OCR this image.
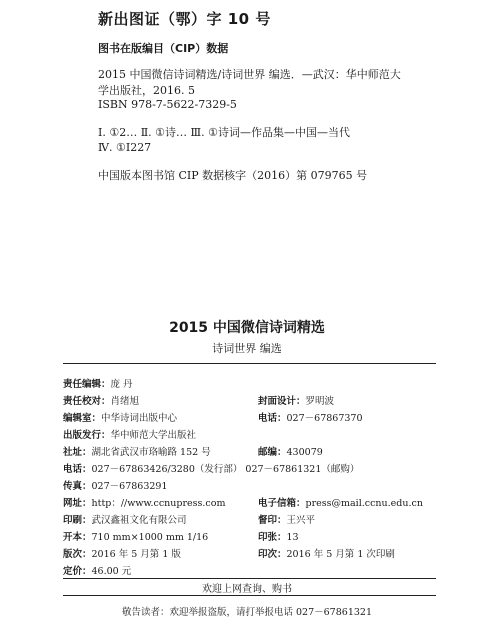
新出图证（鄂）字 10 号
图书在版编目（CIP）数据
2015 中国微信诗词精选/诗词世界 编选．—武汉：华中师范大
学出版社，2016. 5
ISBN 978-7-5622-7329-5
Ⅰ. ①2… Ⅱ. ①诗… Ⅲ. ①诗词—作品集—中国—当代
Ⅳ. ①I227
中国版本图书馆 CIP 数据核字（2016）第 079765 号
2015 中国微信诗词精选
诗词世界 编选
责任编辑：庞 丹
责任校对：肖绪旭	封面设计：罗明波
编辑室：中华诗词出版中心	电话：027－67867370
出版发行：华中师范大学出版社
社址：湖北省武汉市珞喻路 152 号	邮编：430079
电话：027－67863426/3280（发行部） 027－67861321（邮购）
传真：027－67863291
网址：http：//www.ccnupress.com	电子信箱：press@mail.ccnu.edu.cn
印刷：武汉鑫祖文化有限公司	督印：王兴平
开本：710 mm×1000 mm 1/16	印张：13
版次：2016 年 5 月第 1 版	印次：2016 年 5 月第 1 次印刷
定价：46.00 元
欢迎上网查询、购书
敬告读者：欢迎举报盗版，请打举报电话 027－67861321
